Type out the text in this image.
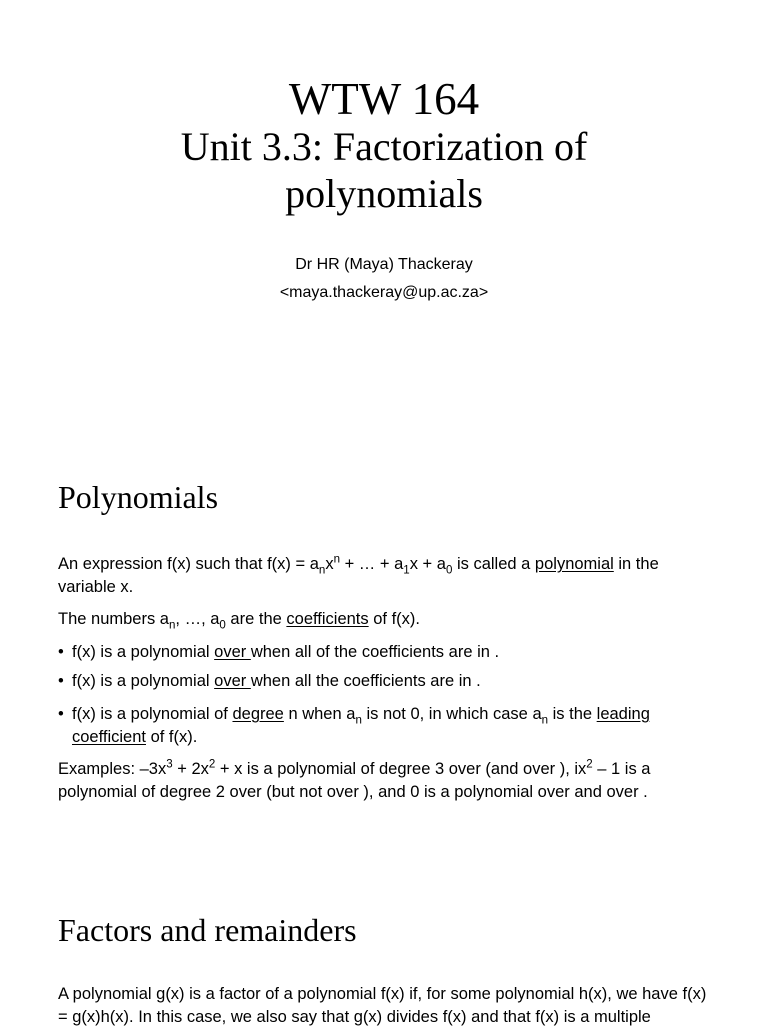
WTW 164
Unit 3.3: Factorization of
polynomials
Dr HR (Maya) Thackeray
<maya.thackeray@up.ac.za>
Polynomials
An expression f(x) such that $f(x) = a_nx^n$ + … + $a_1x + a_0$ is called a polynomial in the variable x.
The numbers $a_n$, …, $a_0$ are the coefficients of f(x).
• f(x) is a polynomial over when all of the coefficients are in .
• f(x) is a polynomial over when all the coefficients are in .
• f(x) is a polynomial of degree n when $a_n$ is not 0, in which case $a_n$ is the leading coefficient of f(x).
Examples: $-3x^3 + 2x^2 + x$ is a polynomial of degree 3 over (and over ), $ix^2 - 1$ is a polynomial of degree 2 over (but not over ), and 0 is a polynomial over and over .
Factors and remainders
A polynomial g(x) is a factor of a polynomial f(x) if, for some polynomial h(x), we have f(x) = g(x)h(x). In this case, we also say that g(x) divides f(x) and that f(x) is a multiple
